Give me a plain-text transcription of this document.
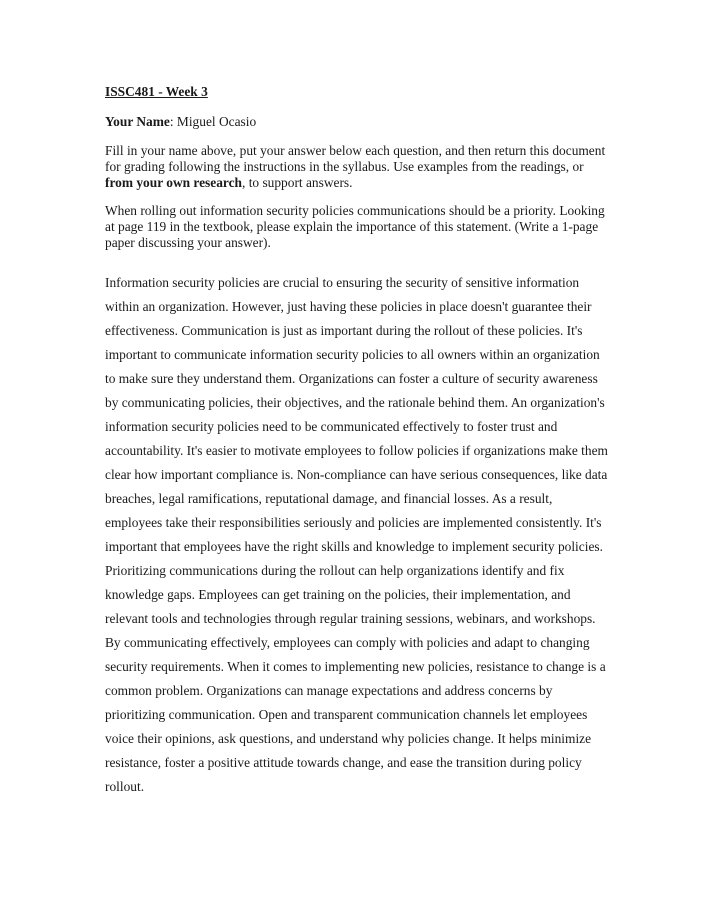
ISSC481 - Week 3
Your Name: Miguel Ocasio
Fill in your name above, put your answer below each question, and then return this document for grading following the instructions in the syllabus. Use examples from the readings, or from your own research, to support answers.
When rolling out information security policies communications should be a priority. Looking at page 119 in the textbook, please explain the importance of this statement. (Write a 1-page paper discussing your answer).
Information security policies are crucial to ensuring the security of sensitive information within an organization. However, just having these policies in place doesn't guarantee their effectiveness. Communication is just as important during the rollout of these policies. It's important to communicate information security policies to all owners within an organization to make sure they understand them. Organizations can foster a culture of security awareness by communicating policies, their objectives, and the rationale behind them. An organization's information security policies need to be communicated effectively to foster trust and accountability. It's easier to motivate employees to follow policies if organizations make them clear how important compliance is. Non-compliance can have serious consequences, like data breaches, legal ramifications, reputational damage, and financial losses. As a result, employees take their responsibilities seriously and policies are implemented consistently. It's important that employees have the right skills and knowledge to implement security policies. Prioritizing communications during the rollout can help organizations identify and fix knowledge gaps. Employees can get training on the policies, their implementation, and relevant tools and technologies through regular training sessions, webinars, and workshops. By communicating effectively, employees can comply with policies and adapt to changing security requirements. When it comes to implementing new policies, resistance to change is a common problem. Organizations can manage expectations and address concerns by prioritizing communication. Open and transparent communication channels let employees voice their opinions, ask questions, and understand why policies change. It helps minimize resistance, foster a positive attitude towards change, and ease the transition during policy rollout.
